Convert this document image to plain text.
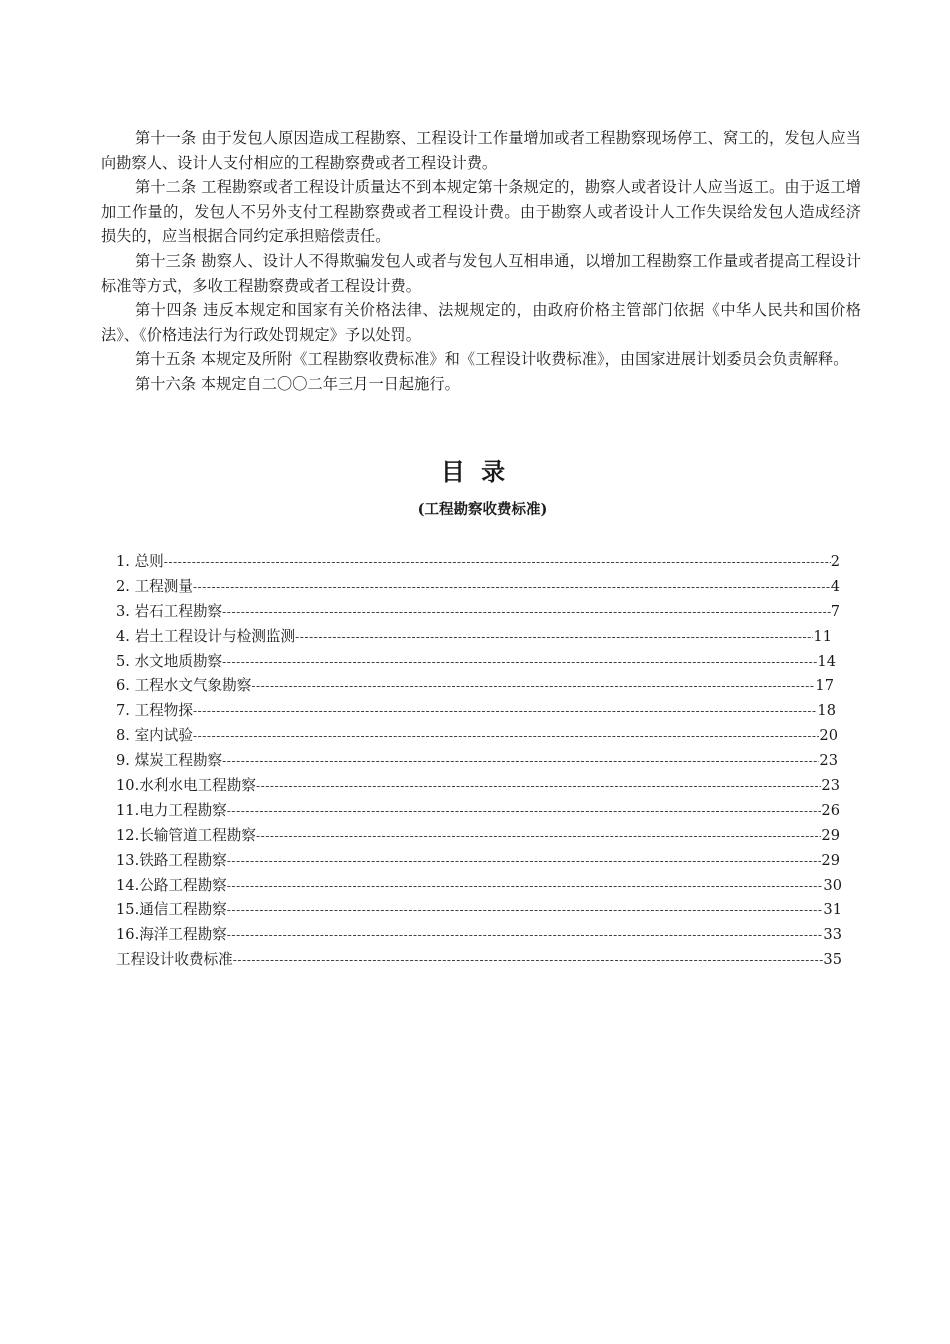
第十一条 由于发包人原因造成工程勘察、工程设计工作量增加或者工程勘察现场停工、窝工的，发包人应当向勘察人、设计人支付相应的工程勘察费或者工程设计费。

第十二条 工程勘察或者工程设计质量达不到本规定第十条规定的，勘察人或者设计人应当返工。由于返工增加工作量的，发包人不另外支付工程勘察费或者工程设计费。由于勘察人或者设计人工作失误给发包人造成经济损失的，应当根据合同约定承担赔偿责任。

第十三条 勘察人、设计人不得欺骗发包人或者与发包人互相串通，以增加工程勘察工作量或者提高工程设计标准等方式，多收工程勘察费或者工程设计费。

第十四条 违反本规定和国家有关价格法律、法规规定的，由政府价格主管部门依据《中华人民共和国价格法》、《价格违法行为行政处罚规定》予以处罚。

第十五条 本规定及所附《工程勘察收费标准》和《工程设计收费标准》，由国家进展计划委员会负责解释。

第十六条 本规定自二〇〇二年三月一日起施行。

目 录
(工程勘察收费标准)
1. 总则 -----	2
2. 工程测量 -----	4
3. 岩石工程勘察 -----	7
4. 岩土工程设计与检测监测 -----	11
5. 水文地质勘察 -----	14
6. 工程水文气象勘察 -----	17
7. 工程物探 -----	18
8. 室内试验 -----	20
9. 煤炭工程勘察 -----	23
10.水利水电工程勘察 -----	23
11.电力工程勘察 -----	26
12.长输管道工程勘察 -----	29
13.铁路工程勘察 -----	29
14.公路工程勘察 -----	30
15.通信工程勘察 -----	31
16.海洋工程勘察 -----	33
工程设计收费标准 -----	35
